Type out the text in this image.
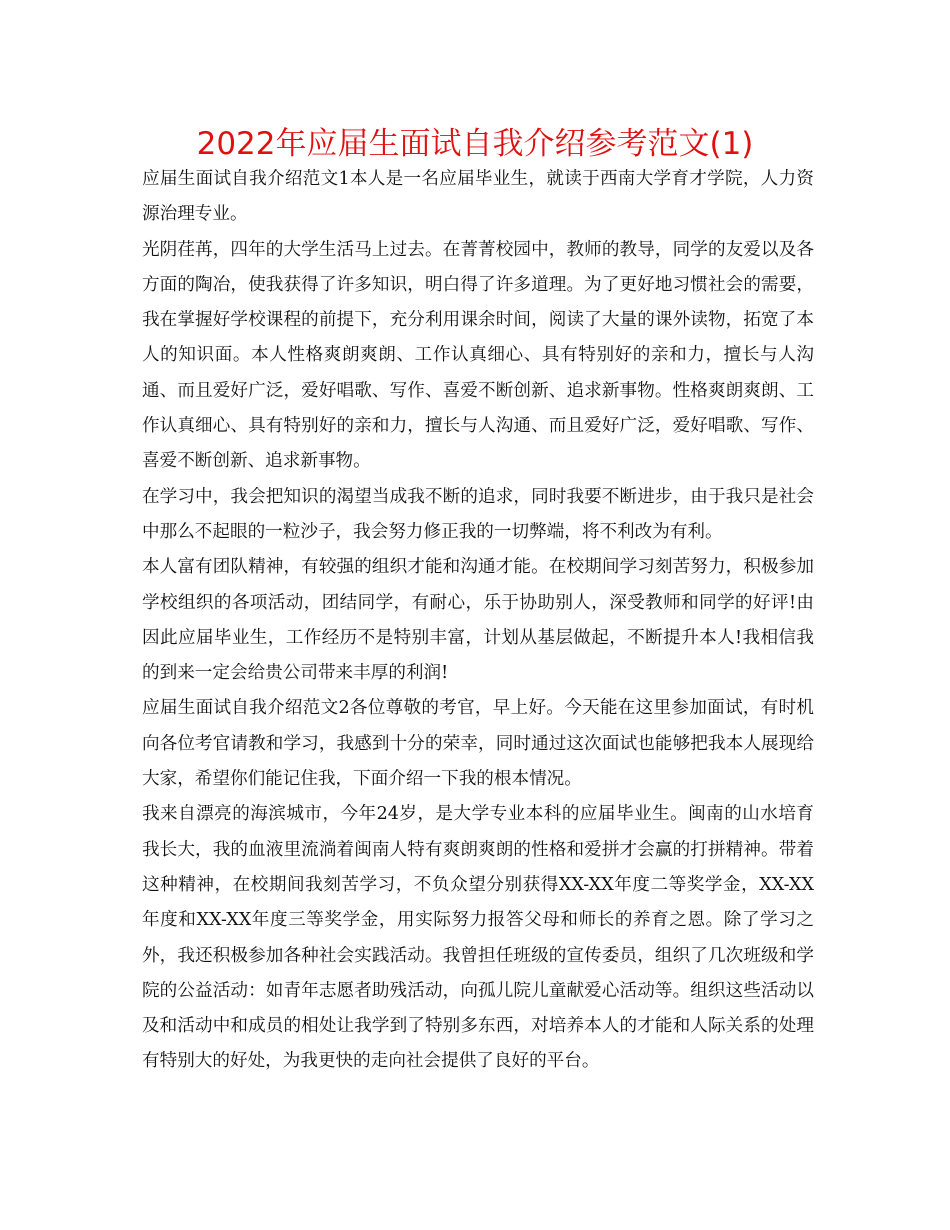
2022年应届生面试自我介绍参考范文(1)

应届生面试自我介绍范文1本人是一名应届毕业生，就读于西南大学育才学院，人力资源治理专业。

光阴荏苒，四年的大学生活马上过去。在菁菁校园中，教师的教导，同学的友爱以及各方面的陶冶，使我获得了许多知识，明白得了许多道理。为了更好地习惯社会的需要，我在掌握好学校课程的前提下，充分利用课余时间，阅读了大量的课外读物，拓宽了本人的知识面。本人性格爽朗爽朗、工作认真细心、具有特别好的亲和力，擅长与人沟通、而且爱好广泛，爱好唱歌、写作、喜爱不断创新、追求新事物。性格爽朗爽朗、工作认真细心、具有特别好的亲和力，擅长与人沟通、而且爱好广泛，爱好唱歌、写作、喜爱不断创新、追求新事物。

在学习中，我会把知识的渴望当成我不断的追求，同时我要不断进步，由于我只是社会中那么不起眼的一粒沙子，我会努力修正我的一切弊端，将不利改为有利。

本人富有团队精神，有较强的组织才能和沟通才能。在校期间学习刻苦努力，积极参加学校组织的各项活动，团结同学，有耐心，乐于协助别人，深受教师和同学的好评!由因此应届毕业生，工作经历不是特别丰富，计划从基层做起，不断提升本人!我相信我的到来一定会给贵公司带来丰厚的利润!

应届生面试自我介绍范文2各位尊敬的考官，早上好。今天能在这里参加面试，有时机向各位考官请教和学习，我感到十分的荣幸，同时通过这次面试也能够把我本人展现给大家，希望你们能记住我，下面介绍一下我的根本情况。

我来自漂亮的海滨城市，今年24岁，是大学专业本科的应届毕业生。闽南的山水培育我长大，我的血液里流淌着闽南人特有爽朗爽朗的性格和爱拼才会赢的打拼精神。带着这种精神，在校期间我刻苦学习，不负众望分别获得XX-XX年度二等奖学金，XX-XX年度和XX-XX年度三等奖学金，用实际努力报答父母和师长的养育之恩。除了学习之外，我还积极参加各种社会实践活动。我曾担任班级的宣传委员，组织了几次班级和学院的公益活动：如青年志愿者助残活动，向孤儿院儿童献爱心活动等。组织这些活动以及和活动中和成员的相处让我学到了特别多东西，对培养本人的才能和人际关系的处理有特别大的好处，为我更快的走向社会提供了良好的平台。
